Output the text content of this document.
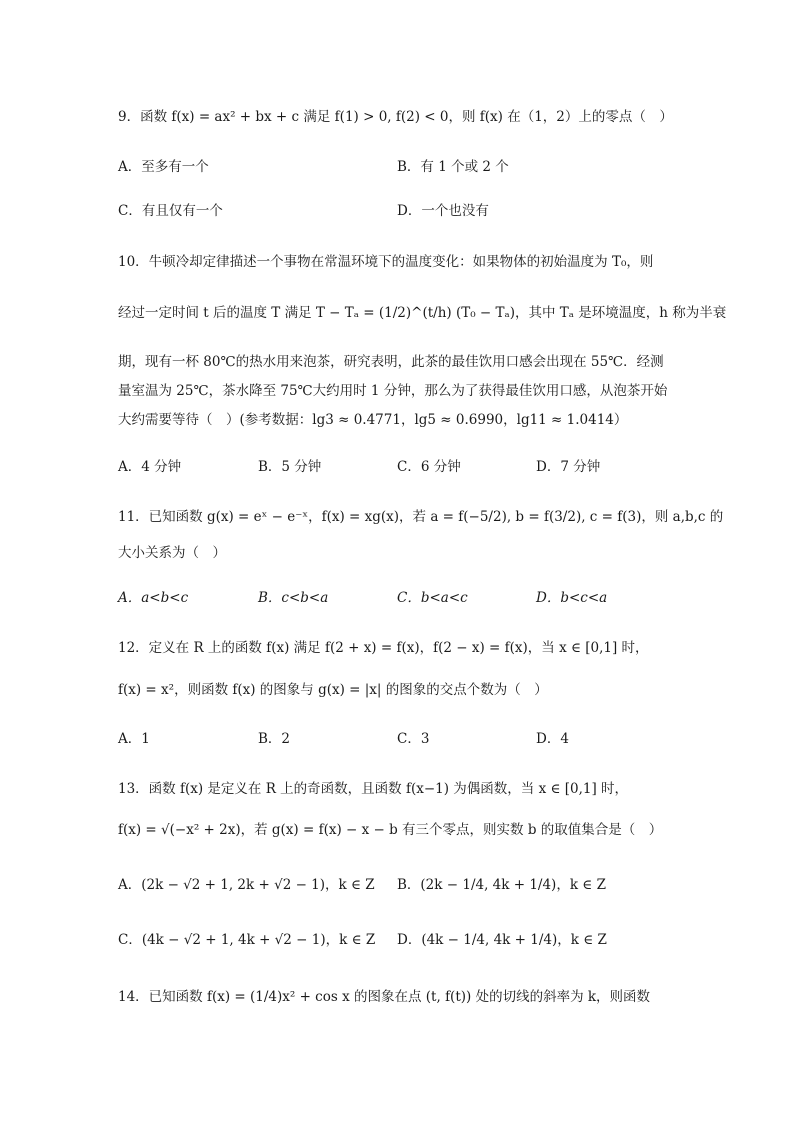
9．函数 f(x) = ax² + bx + c 满足 f(1) > 0, f(2) < 0，则 f(x) 在（1，2）上的零点（　）
A．至多有一个	B．有 1 个或 2 个
C．有且仅有一个	D．一个也没有
10．牛顿冷却定律描述一个事物在常温环境下的温度变化：如果物体的初始温度为 T₀，则
经过一定时间 t 后的温度 T 满足 T − Tₐ = (1/2)^(t/h) (T₀ − Tₐ)，其中 Tₐ 是环境温度，h 称为半衰
期，现有一杯 80℃的热水用来泡茶，研究表明，此茶的最佳饮用口感会出现在 55℃．经测
量室温为 25℃，茶水降至 75℃大约用时 1 分钟，那么为了获得最佳饮用口感，从泡茶开始
大约需要等待（　）(参考数据：lg3 ≈ 0.4771，lg5 ≈ 0.6990，lg11 ≈ 1.0414）
A．4 分钟	B．5 分钟	C．6 分钟	D．7 分钟
11．已知函数 g(x) = eˣ − e⁻ˣ，f(x) = xg(x)，若 a = f(−5/2), b = f(3/2), c = f(3)，则 a,b,c 的
大小关系为（　）
A．a<b<c	B．c<b<a	C．b<a<c	D．b<c<a
12．定义在 R 上的函数 f(x) 满足 f(2 + x) = f(x)，f(2 − x) = f(x)，当 x ∈ [0,1] 时，
f(x) = x²，则函数 f(x) 的图象与 g(x) = |x| 的图象的交点个数为（　）
A．1	B．2	C．3	D．4
13．函数 f(x) 是定义在 R 上的奇函数，且函数 f(x−1) 为偶函数，当 x ∈ [0,1] 时，
f(x) = √(−x² + 2x)，若 g(x) = f(x) − x − b 有三个零点，则实数 b 的取值集合是（　）
A．(2k − √2 + 1, 2k + √2 − 1)，k ∈ Z B．(2k − 1/4, 4k + 1/4)，k ∈ Z
C．(4k − √2 + 1, 4k + √2 − 1)，k ∈ Z D．(4k − 1/4, 4k + 1/4)，k ∈ Z
14．已知函数 f(x) = (1/4)x² + cos x 的图象在点 (t, f(t)) 处的切线的斜率为 k，则函数
